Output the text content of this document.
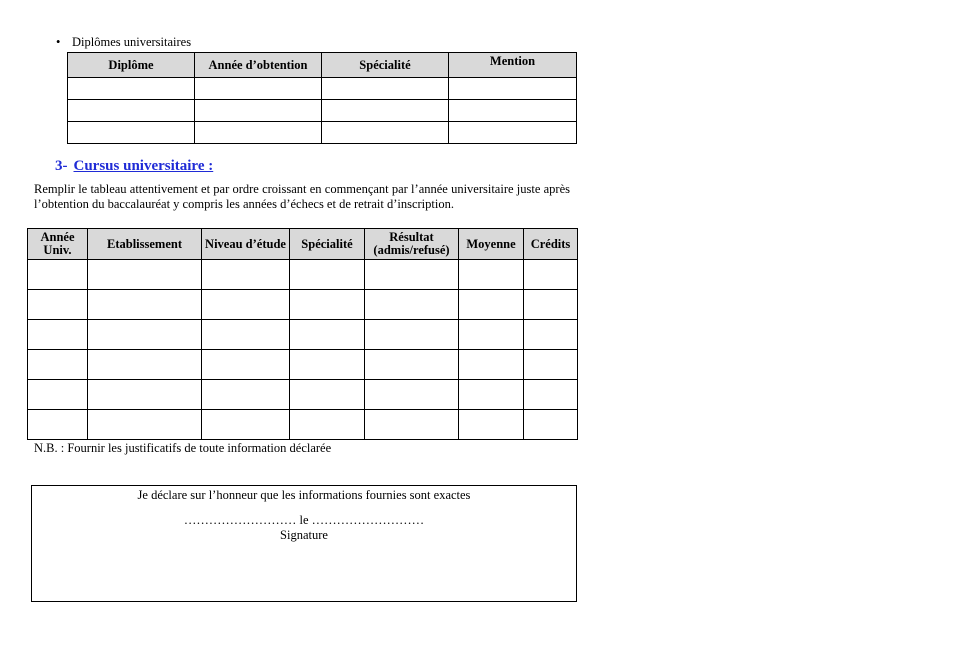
• Diplômes universitaires
Diplôme	Année d’obtention	Spécialité	Mention

3- Cursus universitaire :
Remplir le tableau attentivement et par ordre croissant en commençant par l’année universitaire juste après l’obtention du baccalauréat y compris les années d’échecs et de retrait d’inscription.
Année Univ.	Etablissement	Niveau d’étude	Spécialité	Résultat (admis/refusé)	Moyenne	Crédits

N.B. : Fournir les justificatifs de toute information déclarée
Je déclare sur l’honneur que les informations fournies sont exactes
……………………… le ………………………
Signature
